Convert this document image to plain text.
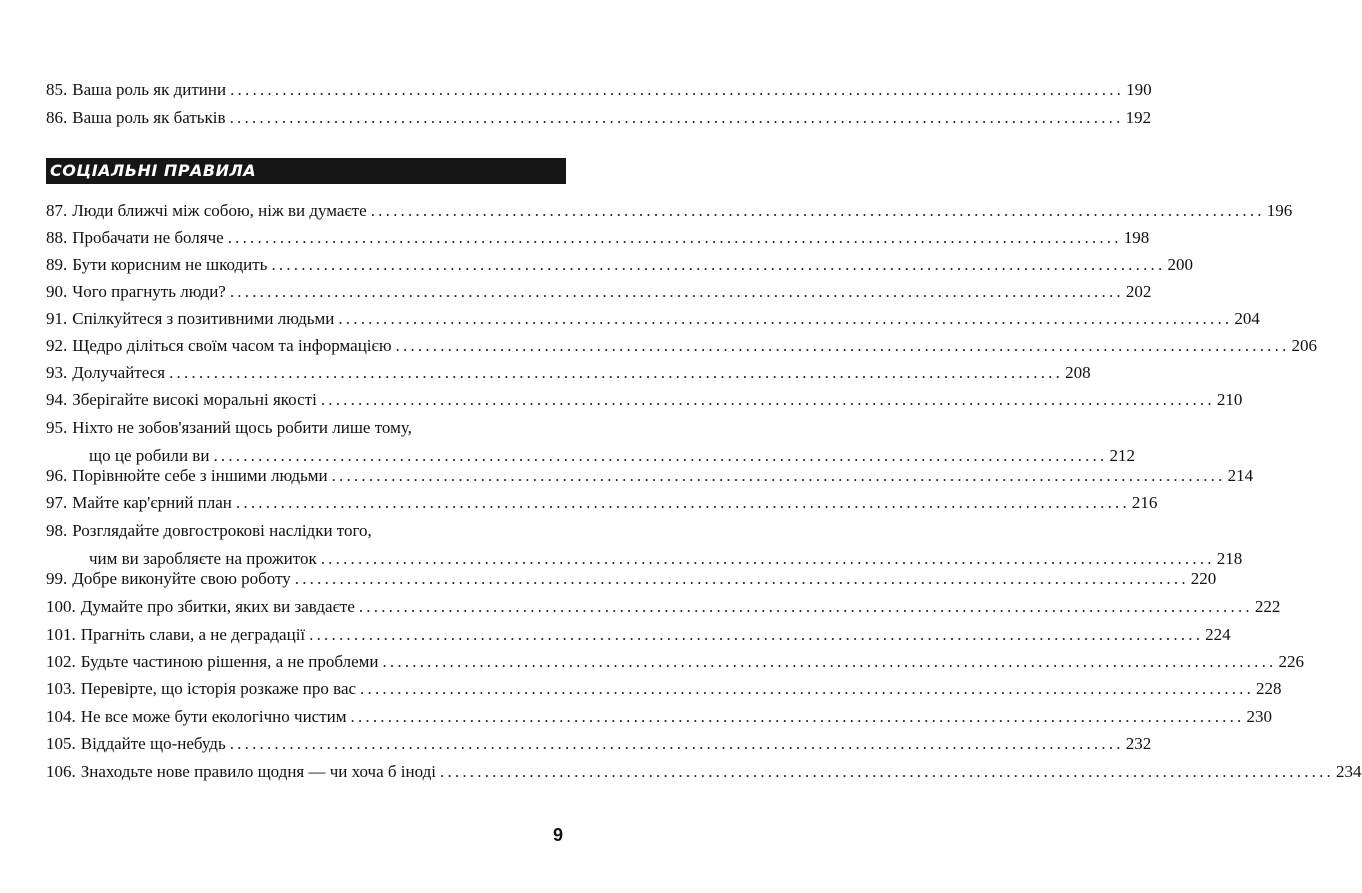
85. Ваша роль як дитини ........................................................................................................................ 190
86. Ваша роль як батьків ........................................................................................................................ 192
СОЦІАЛЬНІ ПРАВИЛА
87. Люди ближчі між собою, ніж ви думаєте ........................................................................................................................ 196
88. Пробачати не боляче ........................................................................................................................ 198
89. Бути корисним не шкодить ........................................................................................................................ 200
90. Чого прагнуть люди? ........................................................................................................................ 202
91. Спілкуйтеся з позитивними людьми ........................................................................................................................ 204
92. Щедро діліться своїм часом та інформацією ........................................................................................................................ 206
93. Долучайтеся ........................................................................................................................ 208
94. Зберігайте високі моральні якості ........................................................................................................................ 210
95. Ніхто не зобов'язаний щось робити лише тому,
що це робили ви ........................................................................................................................ 212
96. Порівнюйте себе з іншими людьми ........................................................................................................................ 214
97. Майте кар'єрний план ........................................................................................................................ 216
98. Розглядайте довгострокові наслідки того,
чим ви заробляєте на прожиток ........................................................................................................................ 218
99. Добре виконуйте свою роботу ........................................................................................................................ 220
100. Думайте про збитки, яких ви завдаєте ........................................................................................................................ 222
101. Прагніть слави, а не деградації ........................................................................................................................ 224
102. Будьте частиною рішення, а не проблеми ........................................................................................................................ 226
103. Перевірте, що історія розкаже про вас ........................................................................................................................ 228
104. Не все може бути екологічно чистим ........................................................................................................................ 230
105. Віддайте що-небудь ........................................................................................................................ 232
106. Знаходьте нове правило щодня — чи хоча б іноді ........................................................................................................................ 234
9
